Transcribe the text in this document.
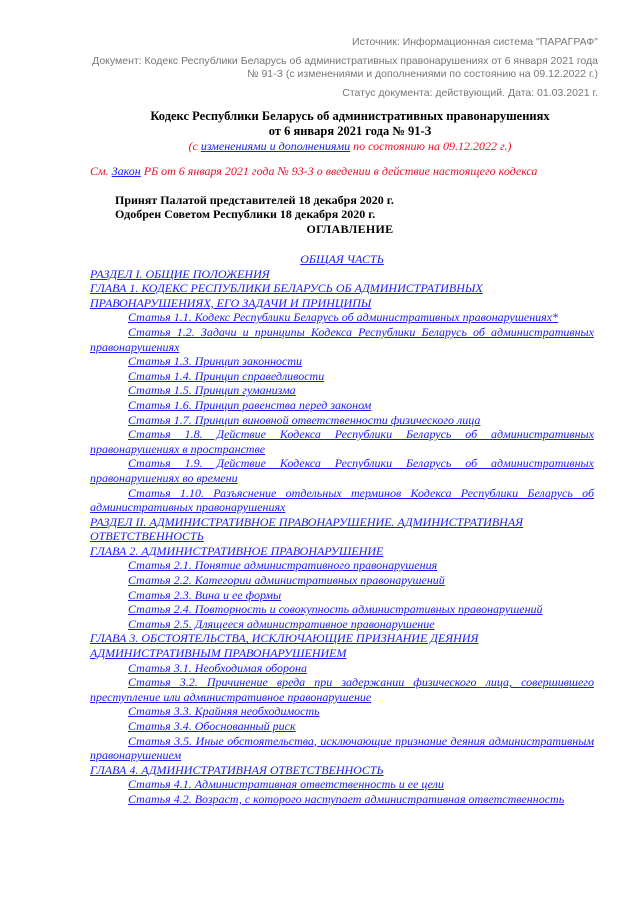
Источник: Информационная система "ПАРАГРАФ"
Документ: Кодекс Республики Беларусь об административных правонарушениях от 6 января 2021 года № 91-З (с изменениями и дополнениями по состоянию на 09.12.2022 г.)
Статус документа: действующий. Дата: 01.03.2021 г.
Кодекс Республики Беларусь об административных правонарушениях
от 6 января 2021 года № 91-З
(с изменениями и дополнениями по состоянию на 09.12.2022 г.)
См. Закон РБ от 6 января 2021 года № 93-З о введении в действие настоящего кодекса
Принят Палатой представителей 18 декабря 2020 г.
Одобрен Советом Республики 18 декабря 2020 г.
ОГЛАВЛЕНИЕ
ОБЩАЯ ЧАСТЬ
РАЗДЕЛ I. ОБЩИЕ ПОЛОЖЕНИЯ
ГЛАВА 1. КОДЕКС РЕСПУБЛИКИ БЕЛАРУСЬ ОБ АДМИНИСТРАТИВНЫХ ПРАВОНАРУШЕНИЯХ, ЕГО ЗАДАЧИ И ПРИНЦИПЫ
Статья 1.1. Кодекс Республики Беларусь об административных правонарушениях*
Статья 1.2. Задачи и принципы Кодекса Республики Беларусь об административных правонарушениях
Статья 1.3. Принцип законности
Статья 1.4. Принцип справедливости
Статья 1.5. Принцип гуманизма
Статья 1.6. Принцип равенства перед законом
Статья 1.7. Принцип виновной ответственности физического лица
Статья 1.8. Действие Кодекса Республики Беларусь об административных правонарушениях в пространстве
Статья 1.9. Действие Кодекса Республики Беларусь об административных правонарушениях во времени
Статья 1.10. Разъяснение отдельных терминов Кодекса Республики Беларусь об административных правонарушениях
РАЗДЕЛ II. АДМИНИСТРАТИВНОЕ ПРАВОНАРУШЕНИЕ. АДМИНИСТРАТИВНАЯ ОТВЕТСТВЕННОСТЬ
ГЛАВА 2. АДМИНИСТРАТИВНОЕ ПРАВОНАРУШЕНИЕ
Статья 2.1. Понятие административного правонарушения
Статья 2.2. Категории административных правонарушений
Статья 2.3. Вина и ее формы
Статья 2.4. Повторность и совокупность административных правонарушений
Статья 2.5. Длящееся административное правонарушение
ГЛАВА 3. ОБСТОЯТЕЛЬСТВА, ИСКЛЮЧАЮЩИЕ ПРИЗНАНИЕ ДЕЯНИЯ АДМИНИСТРАТИВНЫМ ПРАВОНАРУШЕНИЕМ
Статья 3.1. Необходимая оборона
Статья 3.2. Причинение вреда при задержании физического лица, совершившего преступление или административное правонарушение
Статья 3.3. Крайняя необходимость
Статья 3.4. Обоснованный риск
Статья 3.5. Иные обстоятельства, исключающие признание деяния административным правонарушением
ГЛАВА 4. АДМИНИСТРАТИВНАЯ ОТВЕТСТВЕННОСТЬ
Статья 4.1. Административная ответственность и ее цели
Статья 4.2. Возраст, с которого наступает административная ответственность
